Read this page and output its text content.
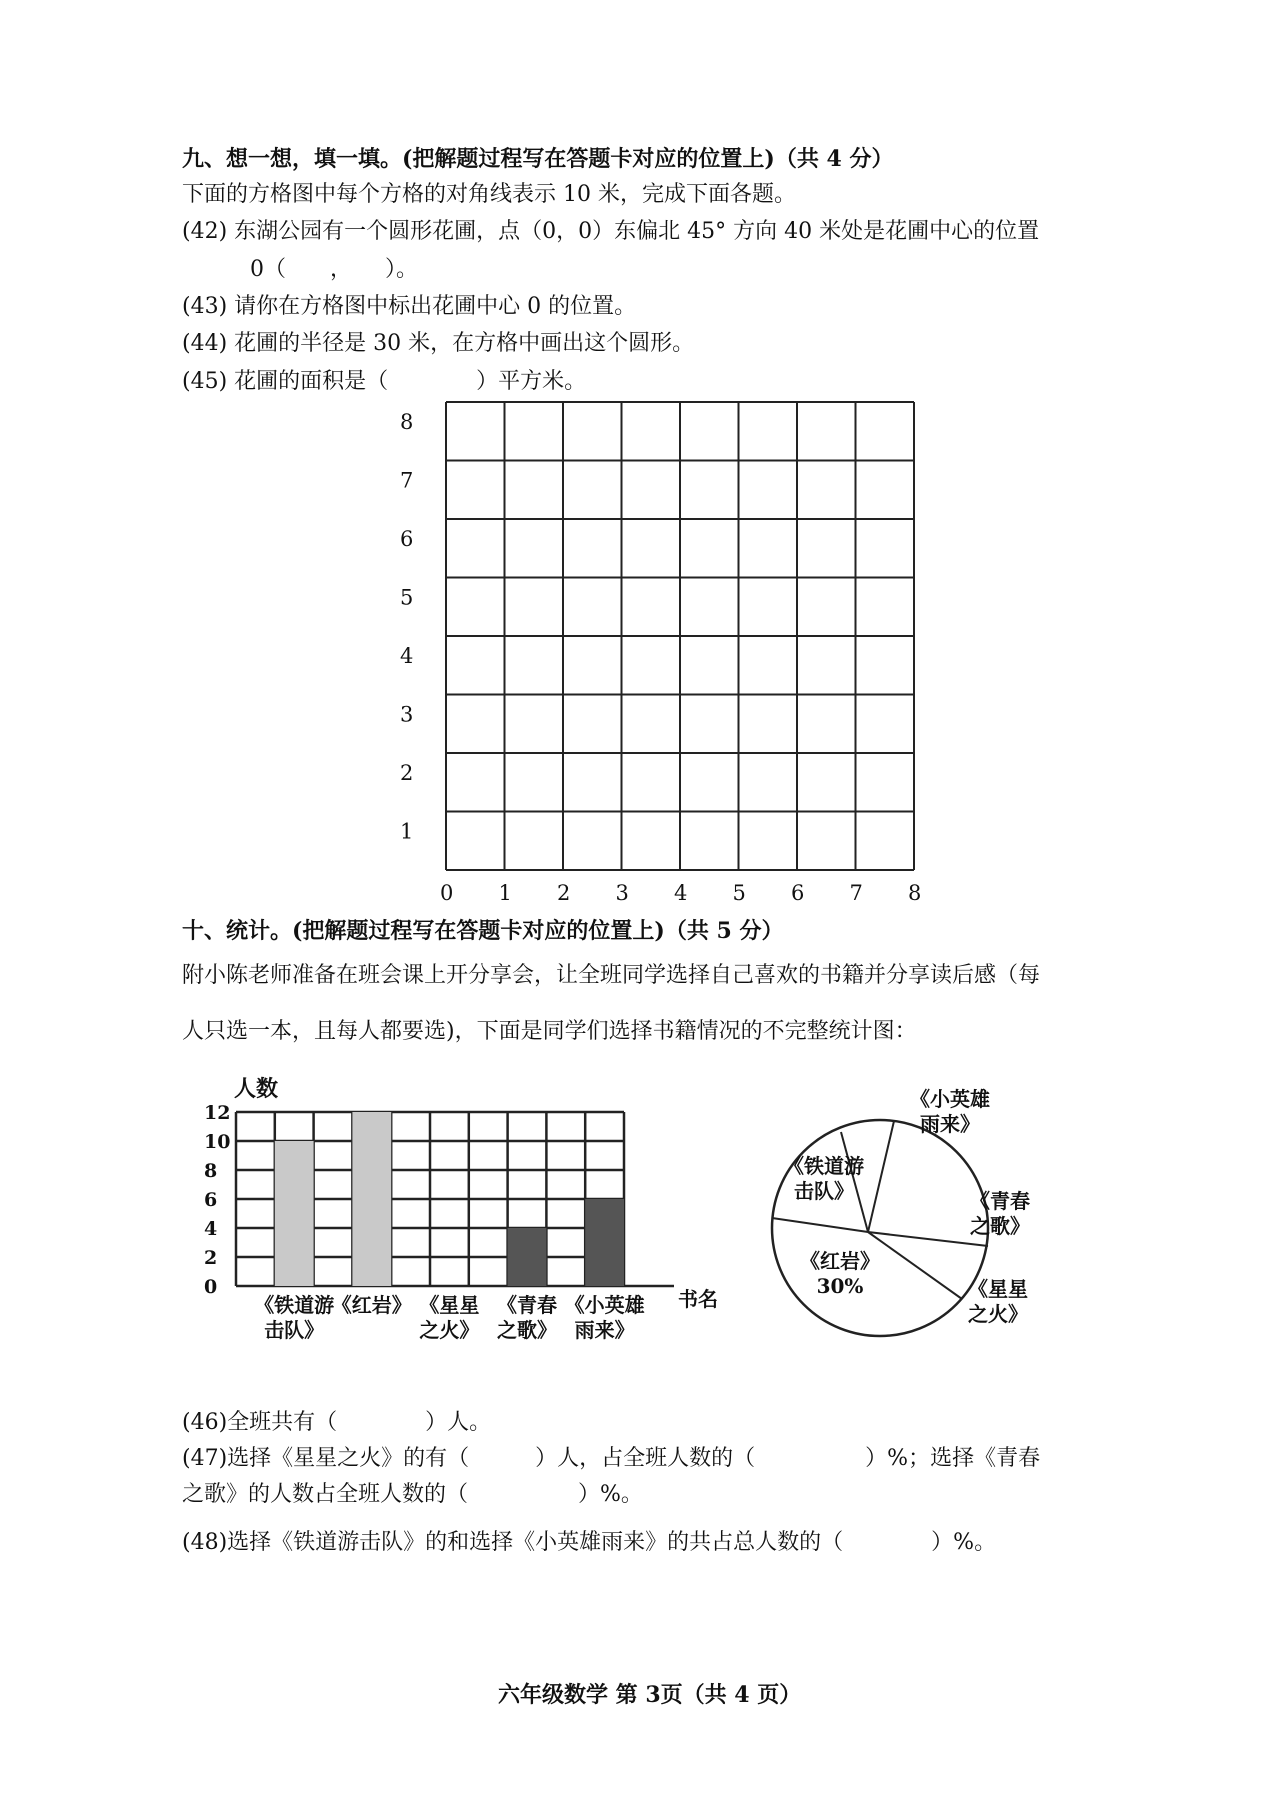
九、想一想，填一填。(把解题过程写在答题卡对应的位置上)（共 4 分）
下面的方格图中每个方格的对角线表示 10 米，完成下面各题。
(42) 东湖公园有一个圆形花圃，点（0，0）东偏北 45° 方向 40 米处是花圃中心的位置
0（　　，　　）。
(43) 请你在方格图中标出花圃中心 0 的位置。
(44) 花圃的半径是 30 米，在方格中画出这个圆形。
(45) 花圃的面积是（　　　　）平方米。
0 1 2 3 4 5 6 7 8
1
2
3
4
5
6
7
8
十、统计。(把解题过程写在答题卡对应的位置上)（共 5 分）
附小陈老师准备在班会课上开分享会，让全班同学选择自己喜欢的书籍并分享读后感（每
人只选一本，且每人都要选)，下面是同学们选择书籍情况的不完整统计图：
0
2
4
6
8
10
12
《铁道游
击队》
《红岩》 《星星
之火》
《青春
之歌》
《小英雄
雨来》
人数
书名
《小英雄
雨来》
《铁道游
击队》	《青春
之歌》
《红岩》
30%	《星星
之火》
(46)全班共有（　　　　）人。
(47)选择《星星之火》的有（　　　）人，占全班人数的（　　　　　）%；选择《青春
之歌》的人数占全班人数的（　　　　　）%。
(48)选择《铁道游击队》的和选择《小英雄雨来》的共占总人数的（　　　　）%。
六年级数学 第 3页（共 4 页）
